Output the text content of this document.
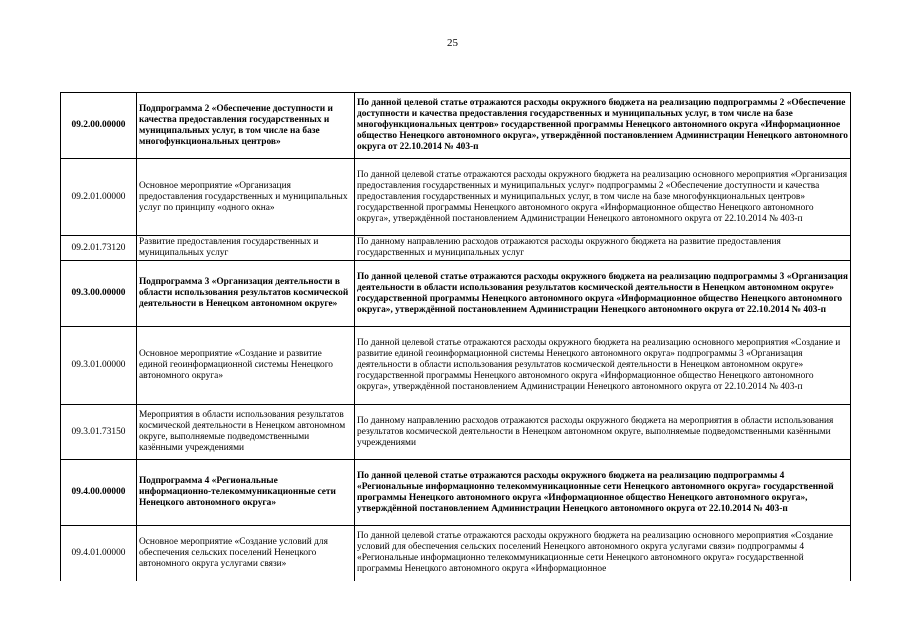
25
09.2.00.00000	Подпрограмма 2 «Обеспечение доступности и качества предоставления государственных и муниципальных услуг, в том числе на базе многофункциональных центров»	По данной целевой статье отражаются расходы окружного бюджета на реализацию подпрограммы 2 «Обеспечение доступности и качества предоставления государственных и муниципальных услуг, в том числе на базе многофункциональных центров» государственной программы Ненецкого автономного округа «Информационное общество Ненецкого автономного округа», утверждённой постановлением Администрации Ненецкого автономного округа от 22.10.2014 № 403-п
09.2.01.00000	Основное мероприятие «Организация предоставления государственных и муниципальных услуг по принципу «одного окна»	По данной целевой статье отражаются расходы окружного бюджета на реализацию основного мероприятия «Организация предоставления государственных и муниципальных услуг» подпрограммы 2 «Обеспечение доступности и качества предоставления государственных и муниципальных услуг, в том числе на базе многофункциональных центров» государственной программы Ненецкого автономного округа «Информационное общество Ненецкого автономного округа», утверждённой постановлением Администрации Ненецкого автономного округа от 22.10.2014 № 403-п
09.2.01.73120	Развитие предоставления государственных и муниципальных услуг	По данному направлению расходов отражаются расходы окружного бюджета на развитие предоставления государственных и муниципальных услуг
09.3.00.00000	Подпрограмма 3 «Организация деятельности в области использования результатов космической деятельности в Ненецком автономном округе»	По данной целевой статье отражаются расходы окружного бюджета на реализацию подпрограммы 3 «Организация деятельности в области использования результатов космической деятельности в Ненецком автономном округе» государственной программы Ненецкого автономного округа «Информационное общество Ненецкого автономного округа», утверждённой постановлением Администрации Ненецкого автономного округа от 22.10.2014 № 403-п
09.3.01.00000	Основное мероприятие «Создание и развитие единой геоинформационной системы Ненецкого автономного округа»	По данной целевой статье отражаются расходы окружного бюджета на реализацию основного мероприятия «Создание и развитие единой геоинформационной системы Ненецкого автономного округа» подпрограммы 3 «Организация деятельности в области использования результатов космической деятельности в Ненецком автономном округе» государственной программы Ненецкого автономного округа «Информационное общество Ненецкого автономного округа», утверждённой постановлением Администрации Ненецкого автономного округа от 22.10.2014 № 403-п
09.3.01.73150	Мероприятия в области использования результатов космической деятельности в Ненецком автономном округе, выполняемые подведомственными казёнными учреждениями	По данному направлению расходов отражаются расходы окружного бюджета на мероприятия в области использования результатов космической деятельности в Ненецком автономном округе, выполняемые подведомственными казёнными учреждениями
09.4.00.00000	Подпрограмма 4 «Региональные информационно-телекоммуникационные сети Ненецкого автономного округа»	По данной целевой статье отражаются расходы окружного бюджета на реализацию подпрограммы 4 «Региональные информационно телекоммуникационные сети Ненецкого автономного округа» государственной программы Ненецкого автономного округа «Информационное общество Ненецкого автономного округа», утверждённой постановлением Администрации Ненецкого автономного округа от 22.10.2014 № 403-п
09.4.01.00000	Основное мероприятие «Создание условий для обеспечения сельских поселений Ненецкого автономного округа услугами связи»	По данной целевой статье отражаются расходы окружного бюджета на реализацию основного мероприятия «Создание условий для обеспечения сельских поселений Ненецкого автономного округа услугами связи» подпрограммы 4 «Региональные информационно телекоммуникационные сети Ненецкого автономного округа» государственной программы Ненецкого автономного округа «Информационное
